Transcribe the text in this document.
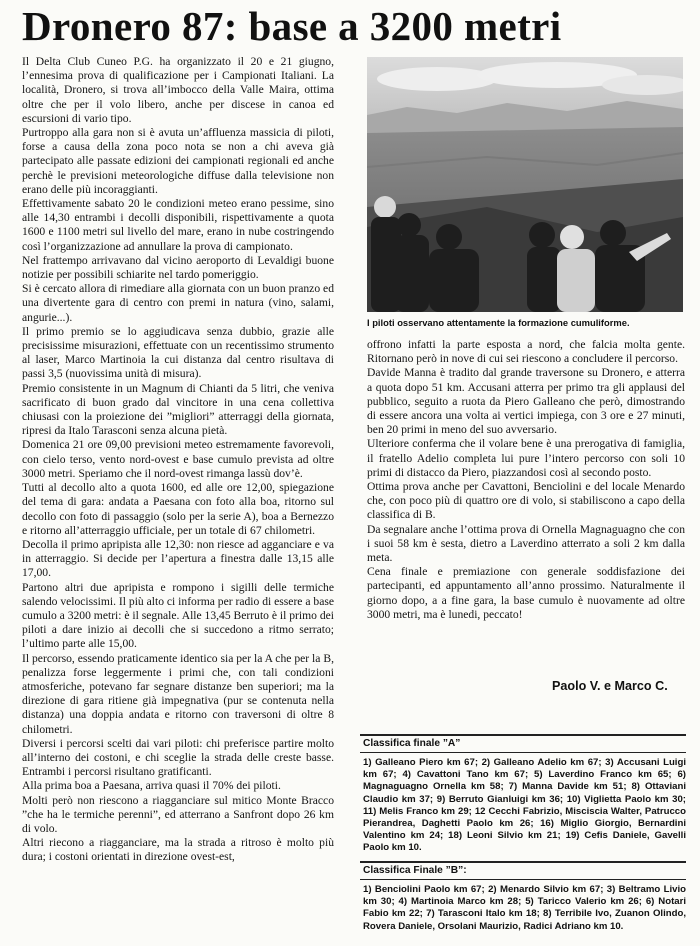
Dronero 87: base a 3200 metri

Il Delta Club Cuneo P.G. ha organizzato il 20 e 21 giugno, l’ennesima prova di qualificazione per i Campionati Italiani. La località, Dronero, si trova all’imbocco della Valle Maira, ottima oltre che per il volo libero, anche per discese in canoa ed escursioni di vario tipo.

Purtroppo alla gara non si è avuta un’affluenza massicia di piloti, forse a causa della zona poco nota se non a chi aveva già partecipato alle passate edizioni dei campionati regionali ed anche perchè le previsioni meteorologiche diffuse dalla televisione non erano delle più incoraggianti.

Effettivamente sabato 20 le condizioni meteo erano pessime, sino alle 14,30 entrambi i decolli disponibili, rispettivamente a quota 1600 e 1100 metri sul livello del mare, erano in nube costringendo così l’organizzazione ad annullare la prova di campionato.

Nel frattempo arrivavano dal vicino aeroporto di Levaldigi buone notizie per possibili schiarite nel tardo pomeriggio.

Si è cercato allora di rimediare alla giornata con un buon pranzo ed una divertente gara di centro con premi in natura (vino, salami, angurie...).

Il primo premio se lo aggiudicava senza dubbio, grazie alle precisissime misurazioni, effettuate con un recentissimo strumento al laser, Marco Martinoia la cui distanza dal centro risultava di passi 3,5 (nuovissima unità di misura).

Premio consistente in un Magnum di Chianti da 5 litri, che veniva sacrificato di buon grado dal vincitore in una cena collettiva chiusasi con la proiezione dei ”migliori” atterraggi della giornata, ripresi da Italo Tarasconi senza alcuna pietà.

Domenica 21 ore 09,00 previsioni meteo estremamente favorevoli, con cielo terso, vento nord-ovest e base cumulo prevista ad oltre 3000 metri. Speriamo che il nord-ovest rimanga lassù dov’è.

Tutti al decollo alto a quota 1600, ed alle ore 12,00, spiegazione del tema di gara: andata a Paesana con foto alla boa, ritorno sul decollo con foto di passaggio (solo per la serie A), boa a Bernezzo e ritorno all’atterraggio ufficiale, per un totale di 67 chilometri.

Decolla il primo apripista alle 12,30: non riesce ad agganciare e va in atterraggio. Si decide per l’apertura a finestra dalle 13,15 alle 17,00.

Partono altri due apripista e rompono i sigilli delle termiche salendo velocissimi. Il più alto ci informa per radio di essere a base cumulo a 3200 metri: è il segnale. Alle 13,45 Berruto è il primo dei piloti a dare inizio ai decolli che si succedono a ritmo serrato; l’ultimo parte alle 15,00.

Il percorso, essendo praticamente identico sia per la A che per la B, penalizza forse leggermente i primi che, con tali condizioni atmosferiche, potevano far segnare distanze ben superiori; ma la direzione di gara ritiene già impegnativa (pur se contenuta nella distanza) una doppia andata e ritorno con traversoni di oltre 8 chilometri.

Diversi i percorsi scelti dai vari piloti: chi preferisce partire molto all’interno dei costoni, e chi sceglie la strada delle creste basse. Entrambi i percorsi risultano gratificanti.

Alla prima boa a Paesana, arriva quasi il 70% dei piloti.

Molti però non riescono a riagganciare sul mitico Monte Bracco ”che ha le termiche perenni”, ed atterrano a Sanfront dopo 26 km di volo.

Altri riecono a riagganciare, ma la strada a ritroso è molto più dura; i costoni orientati in direzione ovest-est,

I piloti osservano attentamente la formazione cumuliforme.

offrono infatti la parte esposta a nord, che falcia molta gente. Ritornano però in nove di cui sei riescono a concludere il percorso.

Davide Manna è tradito dal grande traversone su Dronero, e atterra a quota dopo 51 km. Accusani atterra per primo tra gli applausi del pubblico, seguito a ruota da Piero Galleano che però, dimostrando di essere ancora una volta ai vertici impiega, con 3 ore e 27 minuti, ben 20 primi in meno del suo avversario.

Ulteriore conferma che il volare bene è una prerogativa di famiglia, il fratello Adelio completa lui pure l’intero percorso con soli 10 primi di distacco da Piero, piazzandosi così al secondo posto.

Ottima prova anche per Cavattoni, Benciolini e del locale Menardo che, con poco più di quattro ore di volo, si stabiliscono a capo della classifica di B.

Da segnalare anche l’ottima prova di Ornella Magnaguagno che con i suoi 58 km è sesta, dietro a Laverdino atterrato a soli 2 km dalla meta.

Cena finale e premiazione con generale soddisfazione dei partecipanti, ed appuntamento all’anno prossimo. Naturalmente il giorno dopo, a a fine gara, la base cumulo è nuovamente ad oltre 3000 metri, ma è lunedi, peccato!

Paolo V. e Marco C.
Classifica finale ”A”
1) Galleano Piero km 67; 2) Galleano Adelio km 67; 3) Accusani Luigi km 67; 4) Cavattoni Tano km 67; 5) Laverdino Franco km 65; 6) Magnaguagno Ornella km 58; 7) Manna Davide km 51; 8) Ottaviani Claudio km 37; 9) Berruto Gianluigi km 36; 10) Viglietta Paolo km 30; 11) Melis Franco km 29; 12 Cecchi Fabrizio, Misciscia Walter, Patrucco Pierandrea, Daghetti Paolo km 26; 16) Miglio Giorgio, Bernardini Valentino km 24; 18) Leoni Silvio km 21; 19) Cefis Daniele, Gavelli Paolo km 10.
Classifica Finale ”B”:
1) Benciolini Paolo km 67; 2) Menardo Silvio km 67; 3) Beltramo Livio km 30; 4) Martinoia Marco km 28; 5) Taricco Valerio km 26; 6) Notari Fabio km 22; 7) Tarasconi Italo km 18; 8) Terribile Ivo, Zuanon Olindo, Rovera Daniele, Orsolani Maurizio, Radici Adriano km 10.
